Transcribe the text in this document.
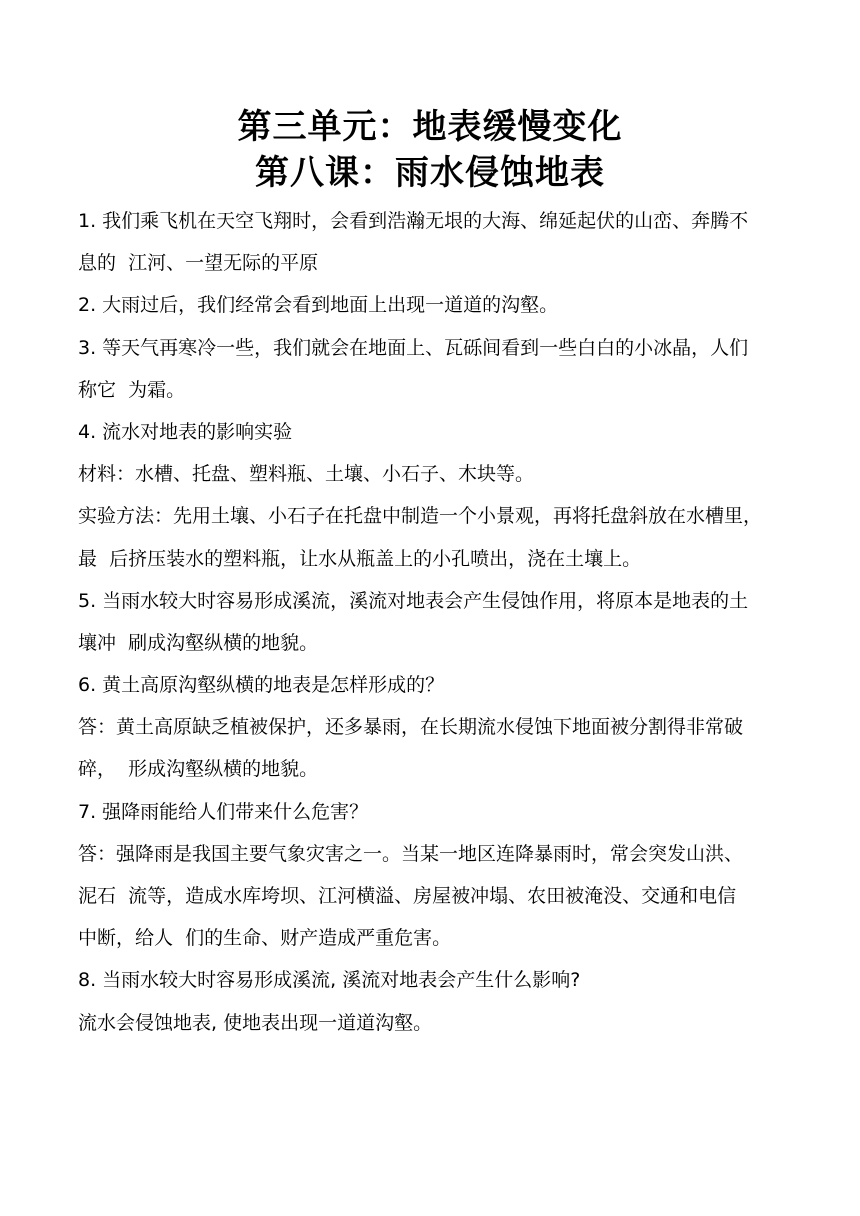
第三单元：地表缓慢变化
第八课：雨水侵蚀地表
1. 我们乘飞机在天空飞翔时，会看到浩瀚无垠的大海、绵延起伏的山峦、奔腾不
息的  江河、一望无际的平原
2. 大雨过后，我们经常会看到地面上出现一道道的沟壑。
3. 等天气再寒冷一些，我们就会在地面上、瓦砾间看到一些白白的小冰晶，人们
称它  为霜。
4. 流水对地表的影响实验
材料：水槽、托盘、塑料瓶、土壤、小石子、木块等。
实验方法：先用土壤、小石子在托盘中制造一个小景观，再将托盘斜放在水槽里，
最  后挤压装水的塑料瓶，让水从瓶盖上的小孔喷出，浇在土壤上。
5. 当雨水较大时容易形成溪流，溪流对地表会产生侵蚀作用，将原本是地表的土
壤冲  刷成沟壑纵横的地貌。
6. 黄土高原沟壑纵横的地表是怎样形成的？
答：黄土高原缺乏植被保护，还多暴雨，在长期流水侵蚀下地面被分割得非常破
碎，  形成沟壑纵横的地貌。
7. 强降雨能给人们带来什么危害？
答：强降雨是我国主要气象灾害之一。当某一地区连降暴雨时，常会突发山洪、
泥石  流等，造成水库垮坝、江河横溢、房屋被冲塌、农田被淹没、交通和电信
中断，给人  们的生命、财产造成严重危害。
8. 当雨水较大时容易形成溪流, 溪流对地表会产生什么影响?
流水会侵蚀地表, 使地表出现一道道沟壑。
